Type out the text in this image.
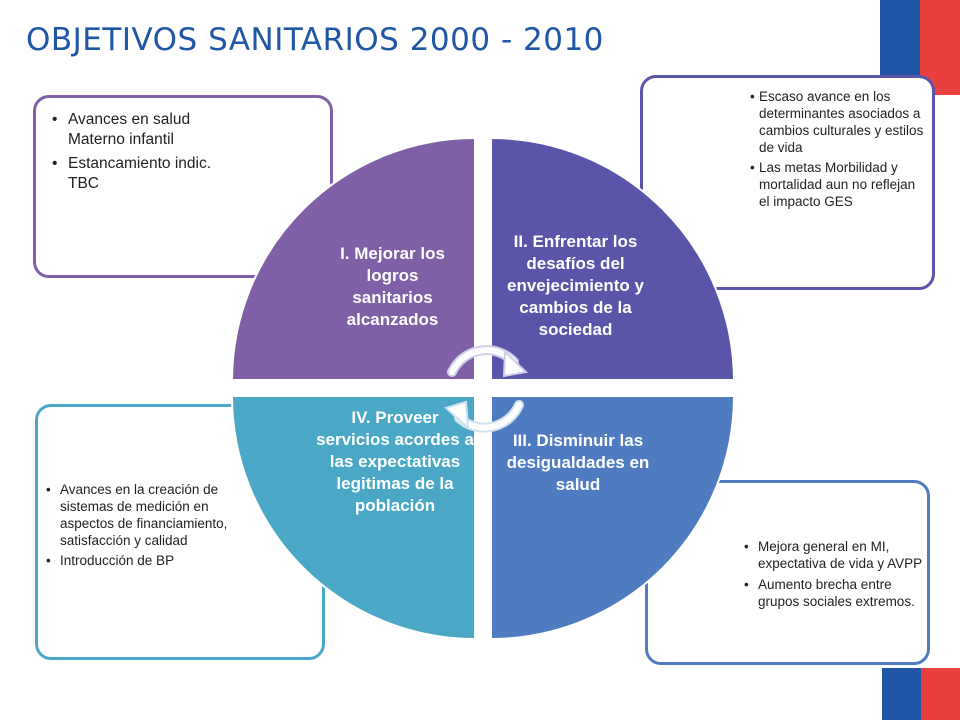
OBJETIVOS SANITARIOS 2000 - 2010
• Avances en salud Materno infantil
• Estancamiento indic. TBC
• Escaso avance en los determinantes asociados a cambios culturales y estilos de vida
• Las metas Morbilidad y mortalidad aun no reflejan el impacto GES
• Avances en la creación de sistemas de medición en aspectos de financiamiento, satisfacción y calidad
• Introducción de BP
• Mejora general en MI, expectativa de vida y AVPP
• Aumento brecha entre grupos sociales extremos.
I. Mejorar los logros sanitarios alcanzados
II. Enfrentar los desafíos del envejecimiento y cambios de la sociedad
III. Disminuir las desigualdades en salud
IV. Proveer servicios acordes a las expectativas legitimas de la población
